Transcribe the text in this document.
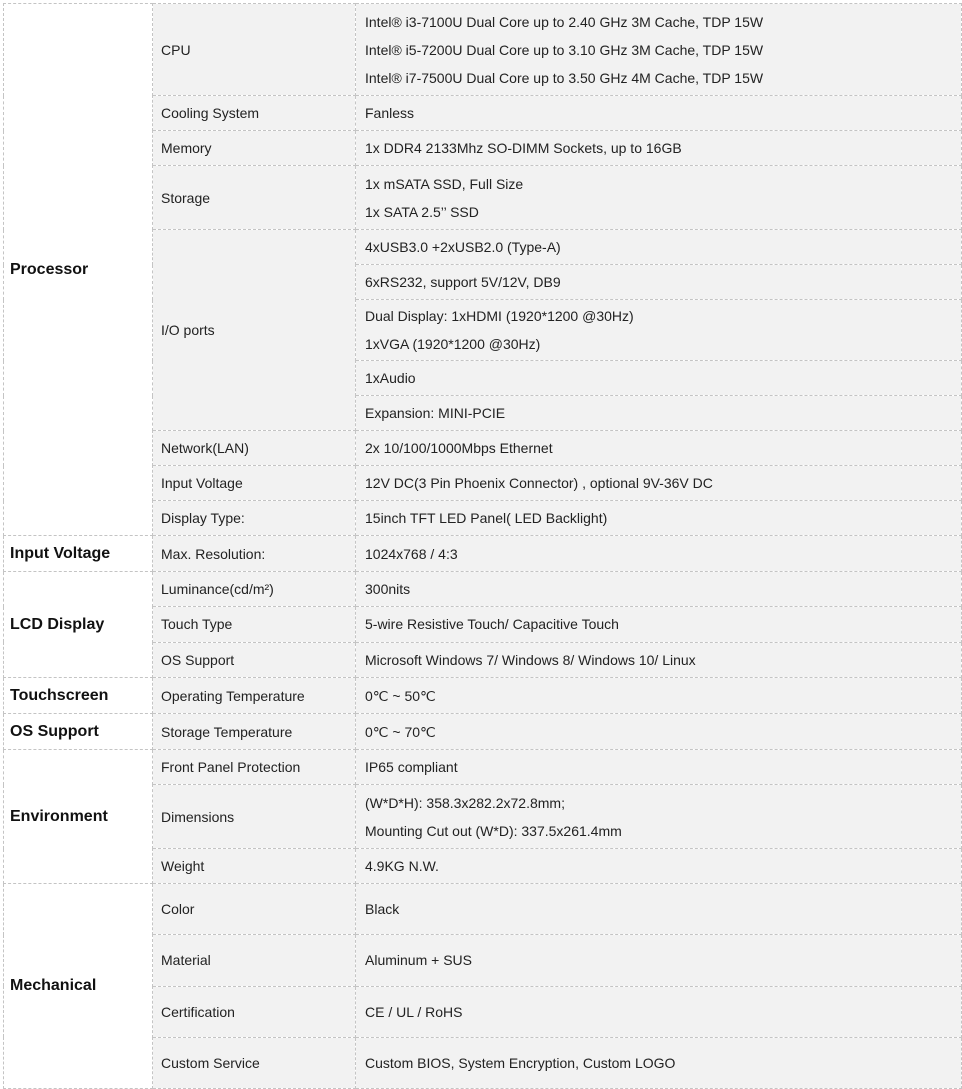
Processor	CPU	Intel® i3-7100U Dual Core up to 2.40 GHz 3M Cache, TDP 15W
Intel® i5-7200U Dual Core up to 3.10 GHz 3M Cache, TDP 15W
Intel® i7-7500U Dual Core up to 3.50 GHz 4M Cache, TDP 15W

	Cooling System	Fanless

	Memory	1x DDR4 2133Mhz SO-DIMM Sockets, up to 16GB

	Storage	1x mSATA SSD, Full Size
1x SATA 2.5’’ SSD

	I/O ports	4xUSB3.0 +2xUSB2.0 (Type-A)

		6xRS232, support 5V/12V, DB9

		Dual Display: 1xHDMI (1920*1200 @30Hz)
1xVGA (1920*1200 @30Hz)

		1xAudio

		Expansion: MINI-PCIE

	Network(LAN)	2x 10/100/1000Mbps Ethernet

	Input Voltage	12V DC(3 Pin Phoenix Connector) , optional 9V-36V DC

	Display Type:	15inch TFT LED Panel( LED Backlight)

Input Voltage	Max. Resolution:	1024x768 / 4:3

LCD Display	Luminance(cd/m²)	300nits

	Touch Type	5-wire Resistive Touch/ Capacitive Touch

	OS Support	Microsoft Windows 7/ Windows 8/ Windows 10/ Linux

Touchscreen	Operating Temperature	0℃ ~ 50℃

OS Support	Storage Temperature	0℃ ~ 70℃

Environment	Front Panel Protection	IP65 compliant

	Dimensions	(W*D*H): 358.3x282.2x72.8mm;
Mounting Cut out (W*D): 337.5x261.4mm

	Weight	4.9KG N.W.

Mechanical	Color	Black

	Material	Aluminum + SUS

	Certification	CE / UL / RoHS

	Custom Service	Custom BIOS, System Encryption, Custom LOGO
